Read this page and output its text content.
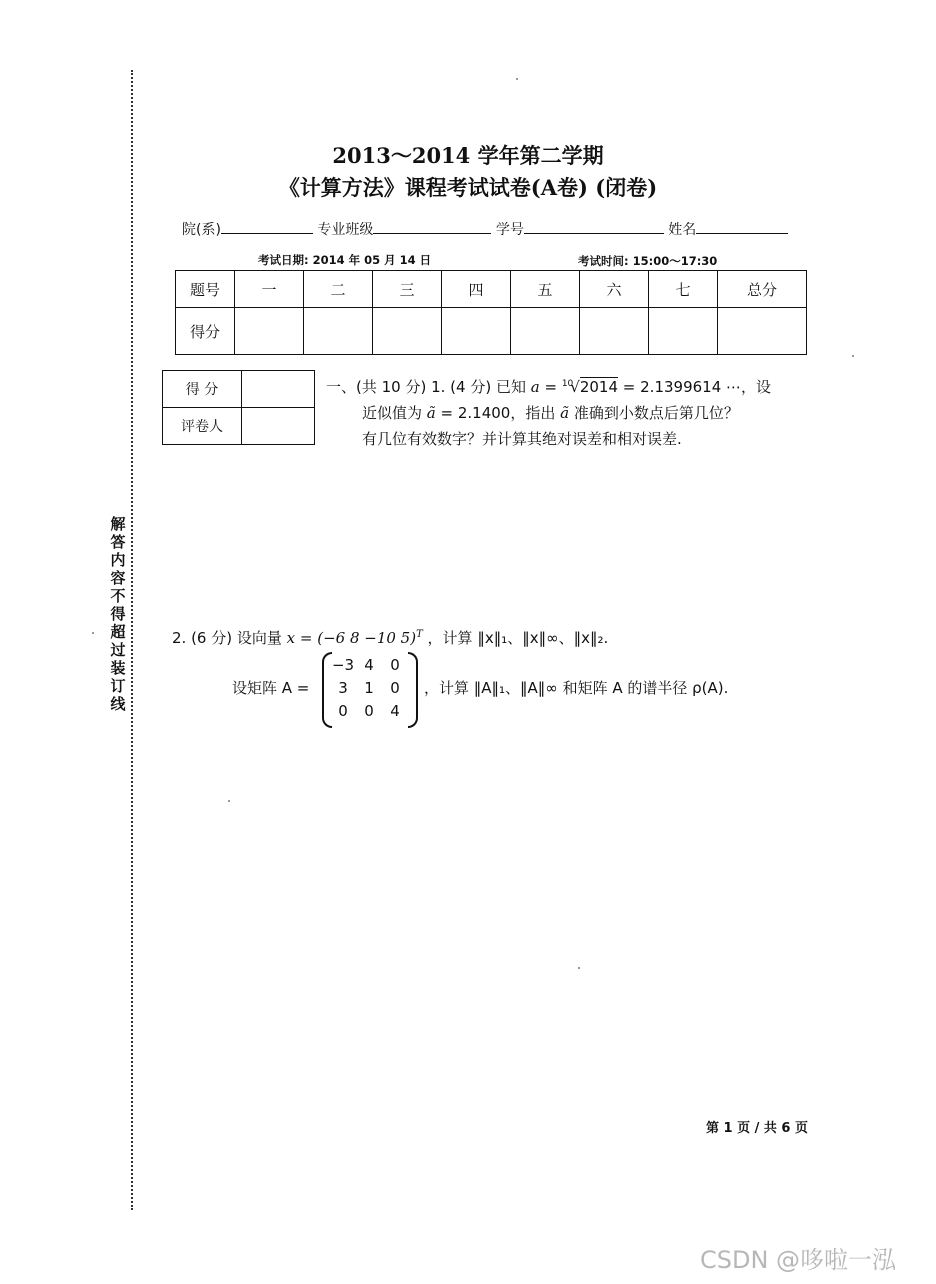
解
答
内
容
不
得
超
过
装
订
线
2013～2014 学年第二学期
《计算方法》课程考试试卷(A卷) (闭卷)
院(系)	专业班级	学号	姓名
考试日期: 2014 年 05 月 14 日	考试时间: 15:00～17:30
题号	一	二	三	四	五	六	七	总分
得分								
得 分	
评卷人	
一、(共 10 分) 1. (4 分) 已知 a = $^{10}$√2014 = 2.1399614 ⋯，设
近似值为 ã = 2.1400，指出 ã 准确到小数点后第几位？
有几位有效数字？并计算其绝对误差和相对误差.
2. (6 分) 设向量 x = (−6 8 −10 5)$^T$ ，计算 ‖x‖₁、‖x‖∞、‖x‖₂.
设矩阵 A =
−3	4	0
3	1	0
0	0	4
，计算 ‖A‖₁、‖A‖∞ 和矩阵 A 的谱半径 ρ(A).
第 1 页 / 共 6 页
CSDN @哆啦一泓
